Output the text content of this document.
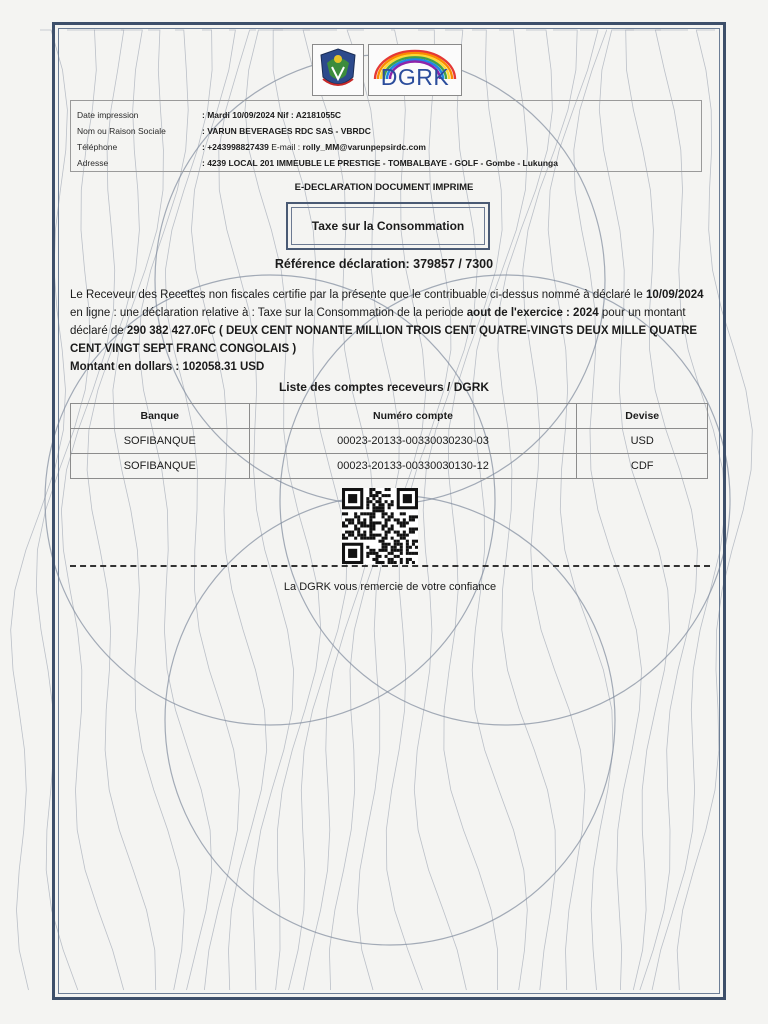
DGRK
Date impression	: Mardi 10/09/2024 Nif : A2181055C
Nom ou Raison Sociale	: VARUN BEVERAGES RDC SAS - VBRDC
Téléphone	: +243998827439 E-mail : rolly_MM@varunpepsirdc.com
Adresse	: 4239 LOCAL 201 IMMEUBLE LE PRESTIGE - TOMBALBAYE - GOLF - Gombe - Lukunga
E-DECLARATION DOCUMENT IMPRIME
Taxe sur la Consommation
Référence déclaration: 379857 / 7300
Le Receveur des Recettes non fiscales certifie par la présente que le contribuable ci-dessus nommé à déclaré le 10/09/2024 en ligne : une déclaration relative à : Taxe sur la Consommation de la periode aout de l'exercice : 2024 pour un montant déclaré de 290 382 427.0FC ( DEUX CENT NONANTE MILLION TROIS CENT QUATRE-VINGTS DEUX MILLE QUATRE CENT VINGT SEPT FRANC CONGOLAIS )
Montant en dollars : 102058.31 USD
Liste des comptes receveurs / DGRK
Banque	Numéro compte	Devise
SOFIBANQUE	00023-20133-00330030230-03	USD
SOFIBANQUE	00023-20133-00330030130-12	CDF
La DGRK vous remercie de votre confiance
